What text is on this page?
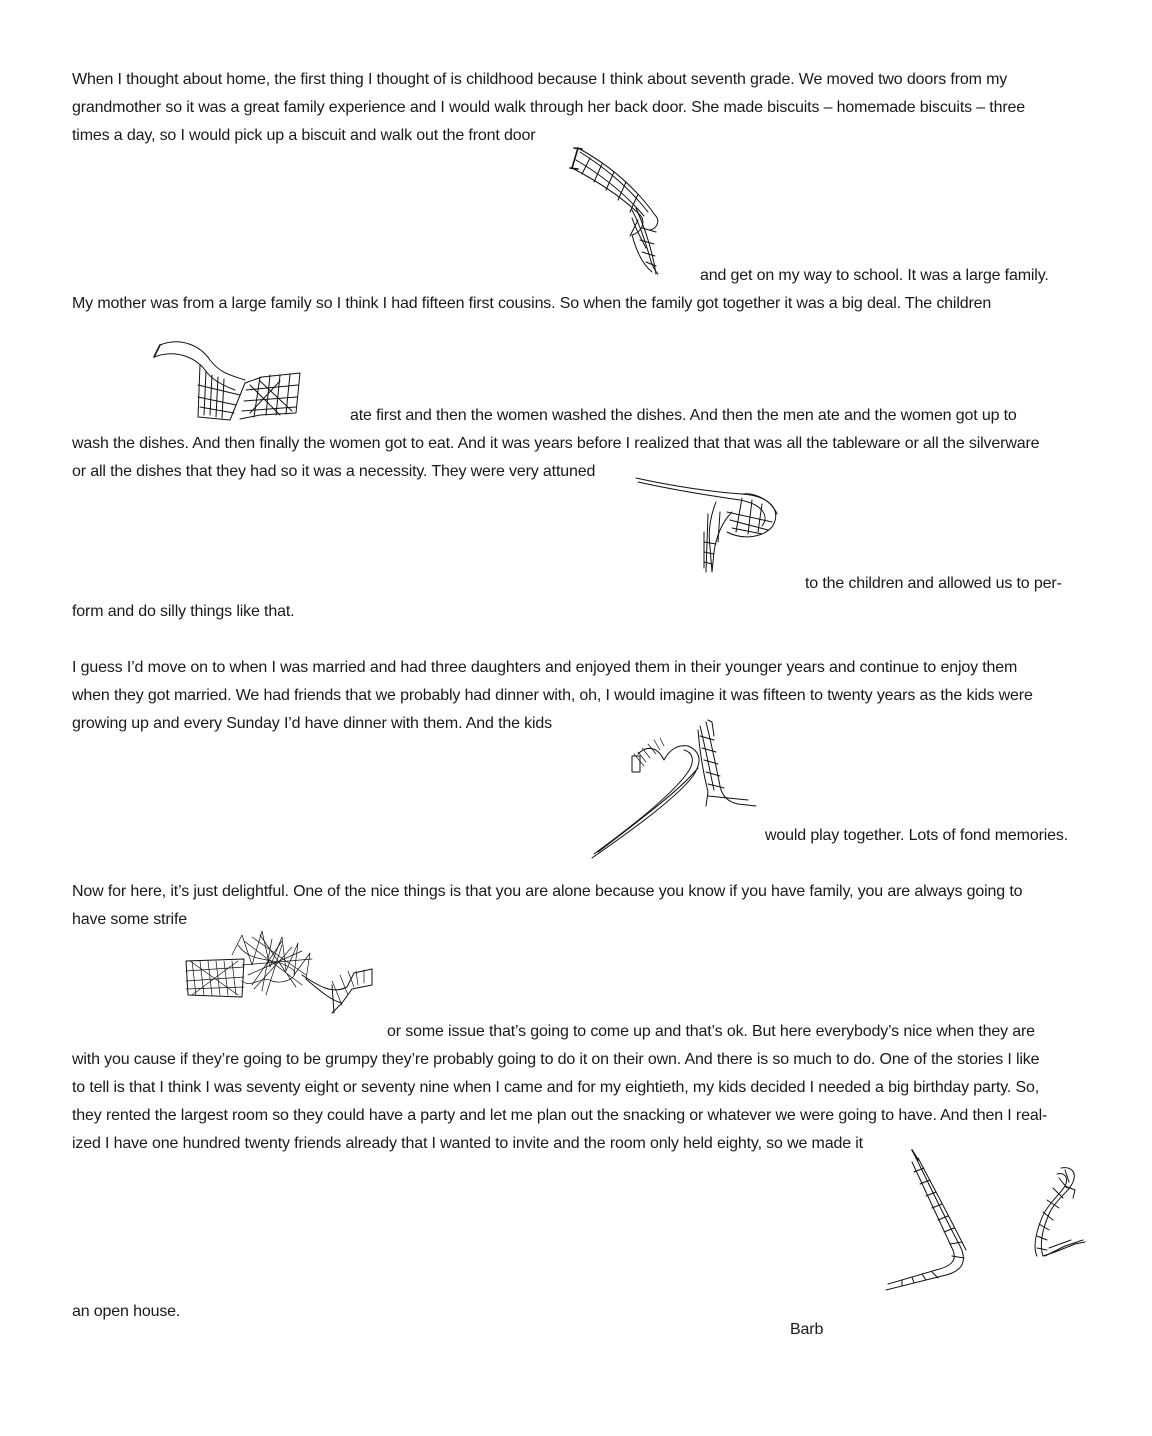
When I thought about home, the first thing I thought of is childhood because I think about seventh grade. We moved two doors from my
grandmother so it was a great family experience and I would walk through her back door. She made biscuits – homemade biscuits – three
times a day, so I would pick up a biscuit and walk out the front door
and get on my way to school. It was a large family.
My mother was from a large family so I think I had fifteen first cousins. So when the family got together it was a big deal. The children
ate first and then the women washed the dishes. And then the men ate and the women got up to
wash the dishes. And then finally the women got to eat. And it was years before I realized that that was all the tableware or all the silverware
or all the dishes that they had so it was a necessity. They were very attuned
to the children and allowed us to per-
form and do silly things like that.
I guess I’d move on to when I was married and had three daughters and enjoyed them in their younger years and continue to enjoy them
when they got married. We had friends that we probably had dinner with, oh, I would imagine it was fifteen to twenty years as the kids were
growing up and every Sunday I’d have dinner with them. And the kids
would play together. Lots of fond memories.
Now for here, it’s just delightful. One of the nice things is that you are alone because you know if you have family, you are always going to
have some strife
or some issue that’s going to come up and that’s ok. But here everybody’s nice when they are
with you cause if they’re going to be grumpy they’re probably going to do it on their own. And there is so much to do. One of the stories I like
to tell is that I think I was seventy eight or seventy nine when I came and for my eightieth, my kids decided I needed a big birthday party. So,
they rented the largest room so they could have a party and let me plan out the snacking or whatever we were going to have. And then I real-
ized I have one hundred twenty friends already that I wanted to invite and the room only held eighty, so we made it
an open house.
Barb
